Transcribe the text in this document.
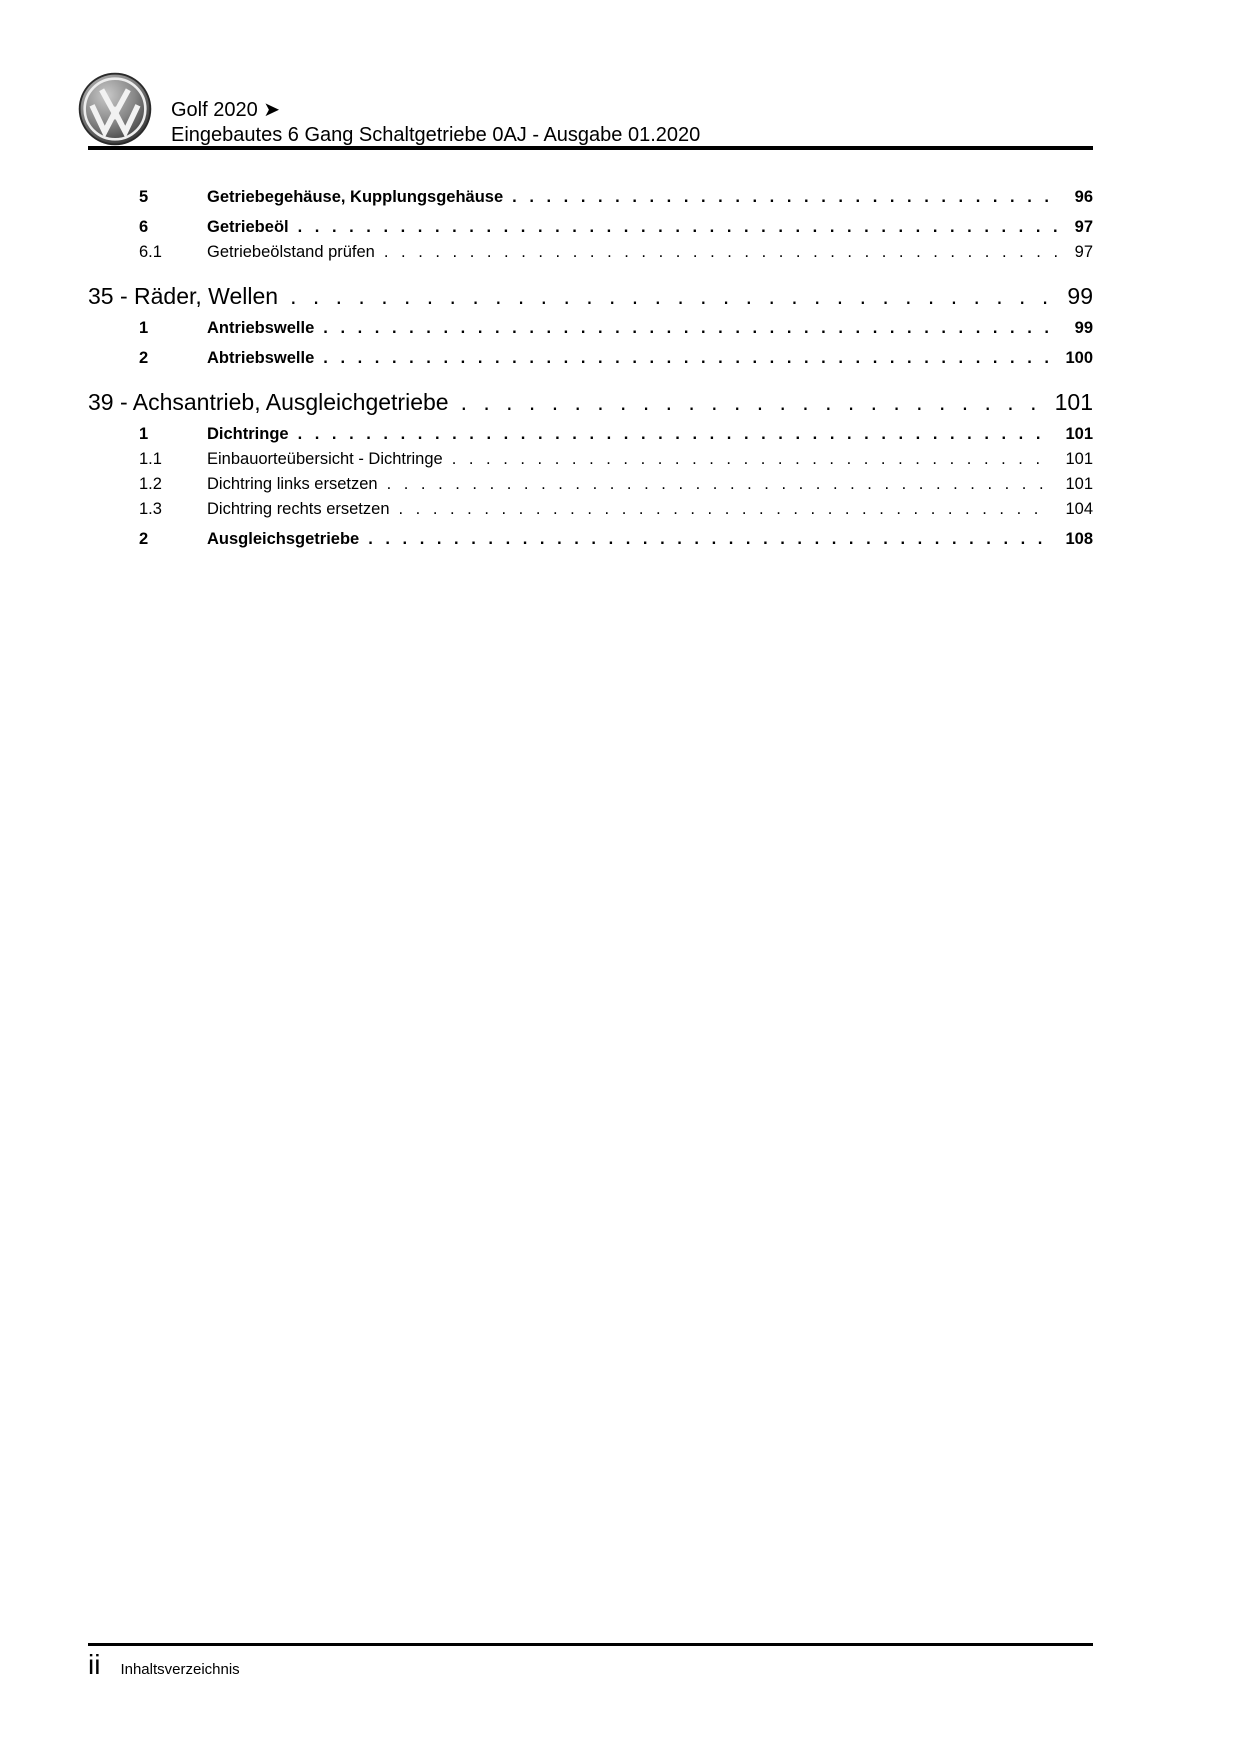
Golf 2020 ➤
Eingebautes 6 Gang Schaltgetriebe 0AJ - Ausgabe 01.2020
5	Getriebegehäuse, Kupplungsgehäuse . . .	96
6	Getriebeöl . . .	97
6.1	Getriebeölstand prüfen . . .	97
35 - Räder, Wellen . . .	99
1	Antriebswelle . . .	99
2	Abtriebswelle . . .	100
39 - Achsantrieb, Ausgleichgetriebe . . .	101
1	Dichtringe . . .	101
1.1	Einbauorteübersicht - Dichtringe . . .	101
1.2	Dichtring links ersetzen . . .	101
1.3	Dichtring rechts ersetzen . . .	104
2	Ausgleichsgetriebe . . .	108
ii Inhaltsverzeichnis
